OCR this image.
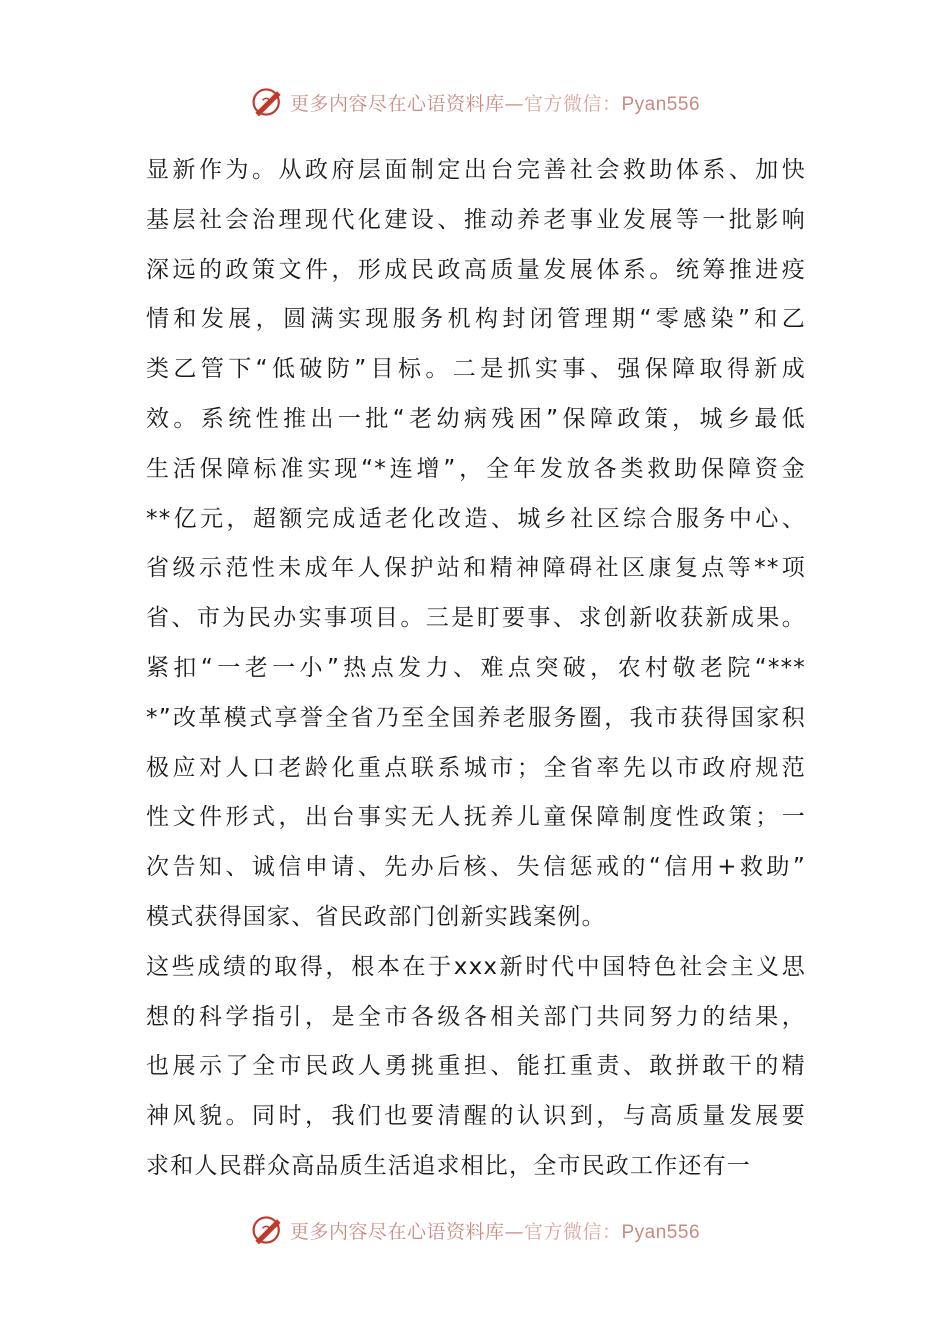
更多内容尽在心语资料库—官方微信：Pyan556
显新作为。从政府层面制定出台完善社会救助体系、加快
基层社会治理现代化建设、推动养老事业发展等一批影响
深远的政策文件，形成民政高质量发展体系。统筹推进疫
情和发展，圆满实现服务机构封闭管理期“零感染”和乙
类乙管下“低破防”目标。二是抓实事、强保障取得新成
效。系统性推出一批“老幼病残困”保障政策，城乡最低
生活保障标准实现“*连增”，全年发放各类救助保障资金
**亿元，超额完成适老化改造、城乡社区综合服务中心、
省级示范性未成年人保护站和精神障碍社区康复点等**项
省、市为民办实事项目。三是盯要事、求创新收获新成果。
紧扣“一老一小”热点发力、难点突破，农村敬老院“***
*”改革模式享誉全省乃至全国养老服务圈，我市获得国家积
极应对人口老龄化重点联系城市；全省率先以市政府规范
性文件形式，出台事实无人抚养儿童保障制度性政策；一
次告知、诚信申请、先办后核、失信惩戒的“信用+救助”
模式获得国家、省民政部门创新实践案例。
这些成绩的取得，根本在于xxx新时代中国特色社会主义思
想的科学指引，是全市各级各相关部门共同努力的结果，
也展示了全市民政人勇挑重担、能扛重责、敢拼敢干的精
神风貌。同时，我们也要清醒的认识到，与高质量发展要
求和人民群众高品质生活追求相比，全市民政工作还有一
更多内容尽在心语资料库—官方微信：Pyan556
